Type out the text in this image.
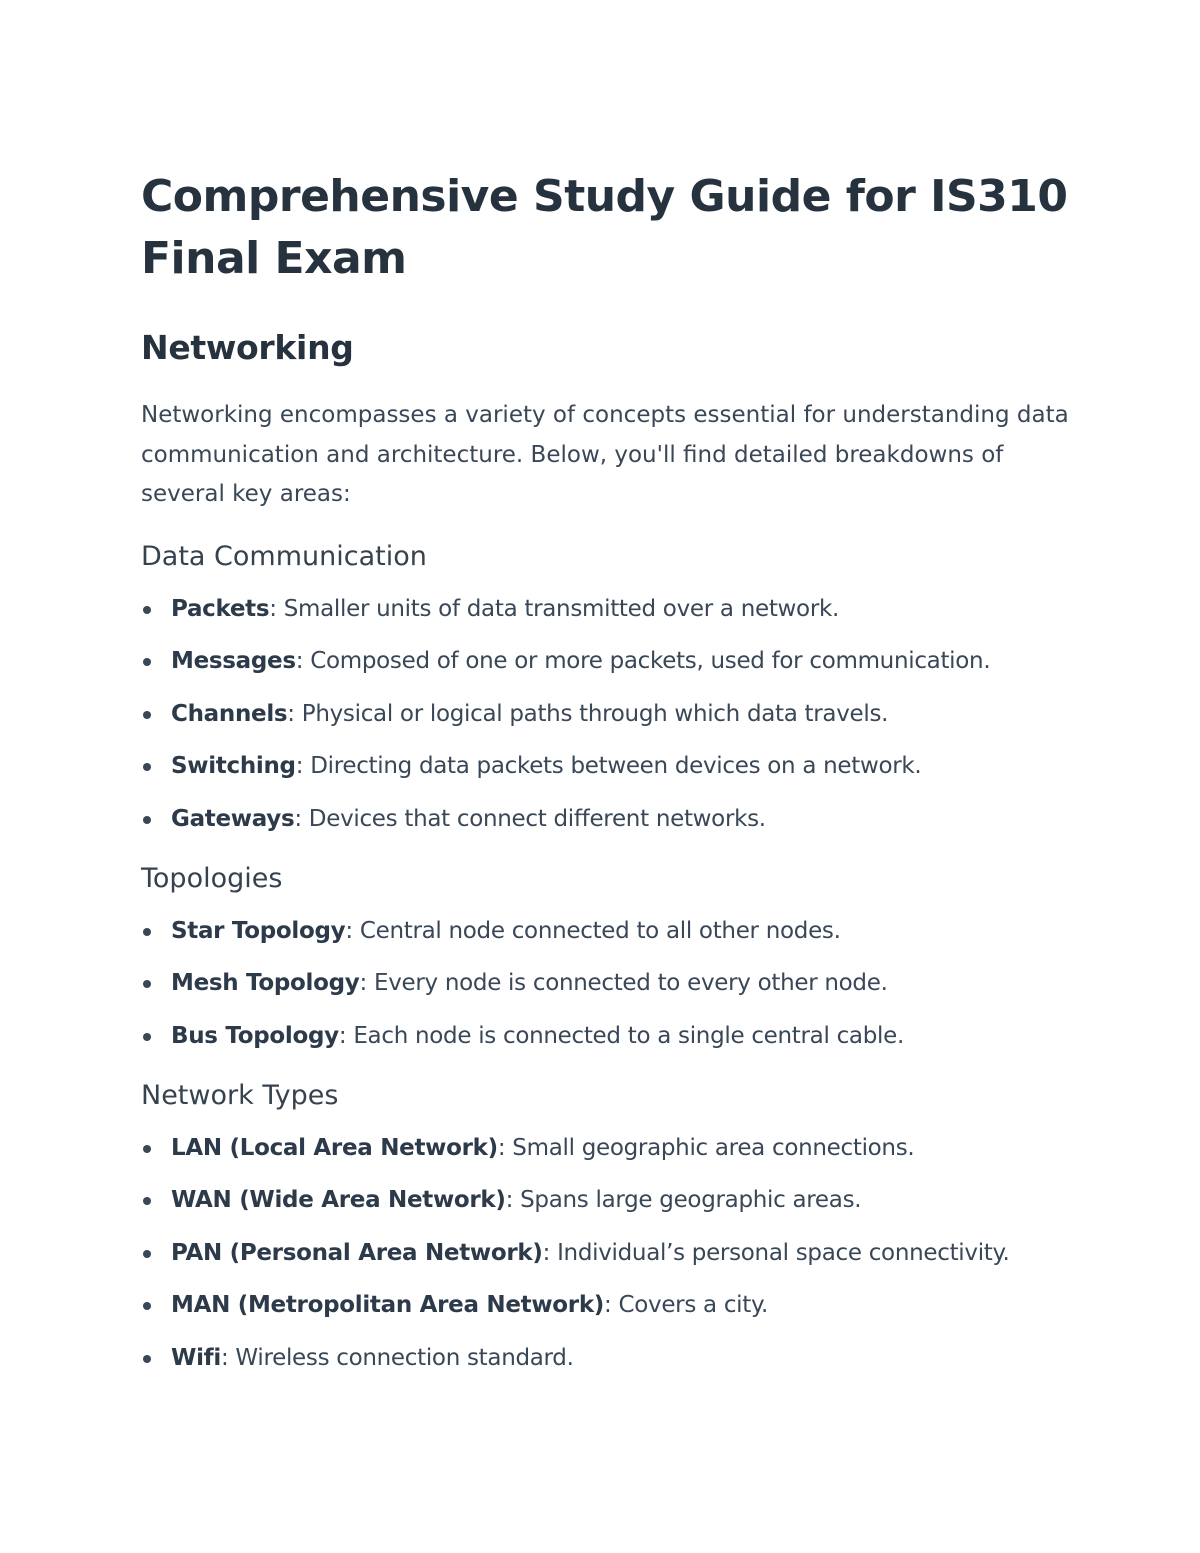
Comprehensive Study Guide for IS310 Final Exam
Networking

Networking encompasses a variety of concepts essential for understanding data communication and architecture. Below, you'll find detailed breakdowns of several key areas:

Data Communication
Packets: Smaller units of data transmitted over a network.
Messages: Composed of one or more packets, used for communication.
Channels: Physical or logical paths through which data travels.
Switching: Directing data packets between devices on a network.
Gateways: Devices that connect different networks.
Topologies
Star Topology: Central node connected to all other nodes.
Mesh Topology: Every node is connected to every other node.
Bus Topology: Each node is connected to a single central cable.
Network Types
LAN (Local Area Network): Small geographic area connections.
WAN (Wide Area Network): Spans large geographic areas.
PAN (Personal Area Network): Individual’s personal space connectivity.
MAN (Metropolitan Area Network): Covers a city.
Wifi: Wireless connection standard.
